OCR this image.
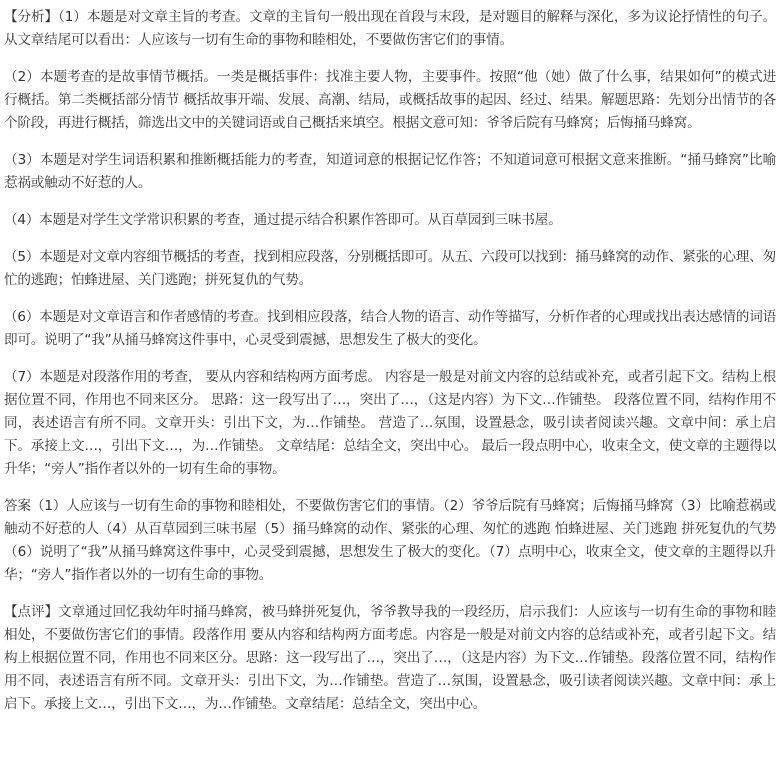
【分析】（1）本题是对文章主旨的考查。文章的主旨句一般出现在首段与末段，是对题目的解释与深化，多为议论抒情性的句子。从文章结尾可以看出：人应该与一切有生命的事物和睦相处，不要做伤害它们的事情。

（2）本题考查的是故事情节概括。一类是概括事件：找准主要人物，主要事件。按照“他（她）做了什么事，结果如何”的模式进行概括。第二类概括部分情节 概括故事开端、发展、高潮、结局，或概括故事的起因、经过、结果。解题思路：先划分出情节的各个阶段，再进行概括，筛选出文中的关键词语或自己概括来填空。根据文意可知：爷爷后院有马蜂窝；后悔捅马蜂窝。

（3）本题是对学生词语积累和推断概括能力的考查，知道词意的根据记忆作答；不知道词意可根据文意来推断。“捅马蜂窝”比喻惹祸或触动不好惹的人。

（4）本题是对学生文学常识积累的考查，通过提示结合积累作答即可。从百草园到三味书屋。

（5）本题是对文章内容细节概括的考查，找到相应段落，分别概括即可。从五、六段可以找到：捅马蜂窝的动作、紧张的心理、匆忙的逃跑；怕蜂进屋、关门逃跑；拼死复仇的气势。

（6）本题是对文章语言和作者感情的考查。找到相应段落，结合人物的语言、动作等描写，分析作者的心理或找出表达感情的词语即可。说明了“我”从捅马蜂窝这件事中，心灵受到震撼，思想发生了极大的变化。

（7）本题是对段落作用的考查， 要从内容和结构两方面考虑。 内容是一般是对前文内容的总结或补充，或者引起下文。结构上根据位置不同，作用也不同来区分。 思路：这一段写出了…，突出了…，（这是内容）为下文…作铺垫。 段落位置不同，结构作用不同，表述语言有所不同。文章开头：引出下文，为…作铺垫。 营造了…氛围，设置悬念，吸引读者阅读兴趣。文章中间：承上启下。承接上文…，引出下文…，为…作铺垫。 文章结尾：总结全文，突出中心。 最后一段点明中心，收束全文，使文章的主题得以升华；“旁人”指作者以外的一切有生命的事物。

答案（1）人应该与一切有生命的事物和睦相处，不要做伤害它们的事情。（2）爷爷后院有马蜂窝；后悔捅马蜂窝（3）比喻惹祸或触动不好惹的人（4）从百草园到三味书屋（5）捅马蜂窝的动作、紧张的心理、匆忙的逃跑 怕蜂进屋、关门逃跑 拼死复仇的气势（6）说明了“我”从捅马蜂窝这件事中，心灵受到震撼，思想发生了极大的变化。（7）点明中心，收束全文，使文章的主题得以升华；“旁人”指作者以外的一切有生命的事物。

【点评】文章通过回忆我幼年时捅马蜂窝，被马蜂拼死复仇，爷爷教导我的一段经历，启示我们：人应该与一切有生命的事物和睦相处，不要做伤害它们的事情。段落作用 要从内容和结构两方面考虑。内容是一般是对前文内容的总结或补充，或者引起下文。结构上根据位置不同，作用也不同来区分。思路：这一段写出了…，突出了…，（这是内容）为下文…作铺垫。段落位置不同，结构作用不同，表述语言有所不同。文章开头：引出下文，为…作铺垫。营造了…氛围，设置悬念，吸引读者阅读兴趣。文章中间：承上启下。承接上文…，引出下文…，为…作铺垫。文章结尾：总结全文，突出中心。
